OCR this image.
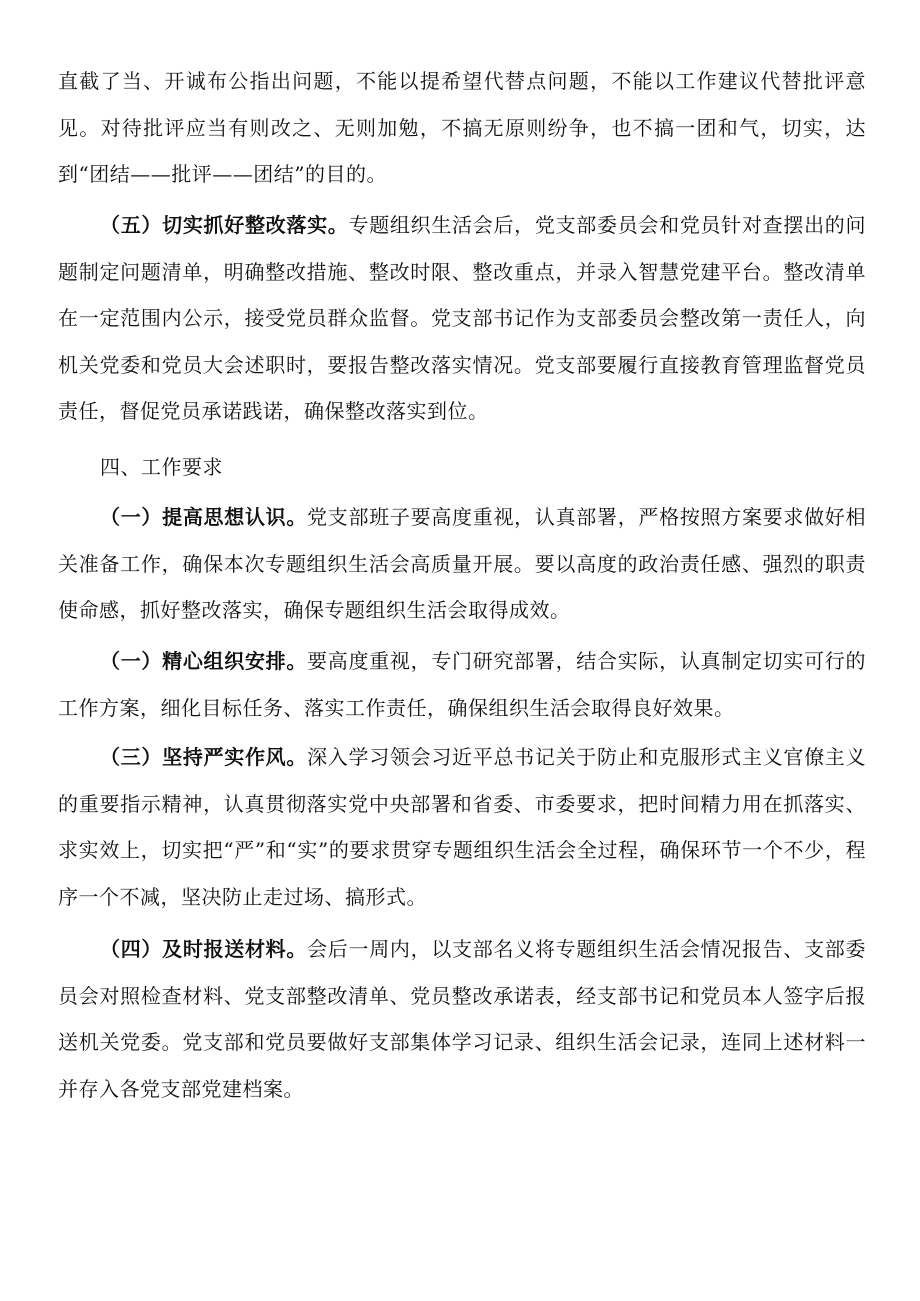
直截了当、开诚布公指出问题，不能以提希望代替点问题，不能以工作建议代替批评意见。对待批评应当有则改之、无则加勉，不搞无原则纷争，也不搞一团和气，切实，达到“团结——批评——团结”的目的。

（五）切实抓好整改落实。专题组织生活会后，党支部委员会和党员针对查摆出的问题制定问题清单，明确整改措施、整改时限、整改重点，并录入智慧党建平台。整改清单在一定范围内公示，接受党员群众监督。党支部书记作为支部委员会整改第一责任人，向机关党委和党员大会述职时，要报告整改落实情况。党支部要履行直接教育管理监督党员责任，督促党员承诺践诺，确保整改落实到位。

四、工作要求

（一）提高思想认识。党支部班子要高度重视，认真部署，严格按照方案要求做好相关准备工作，确保本次专题组织生活会高质量开展。要以高度的政治责任感、强烈的职责使命感，抓好整改落实，确保专题组织生活会取得成效。

（一）精心组织安排。要高度重视，专门研究部署，结合实际，认真制定切实可行的工作方案，细化目标任务、落实工作责任，确保组织生活会取得良好效果。

（三）坚持严实作风。深入学习领会习近平总书记关于防止和克服形式主义官僚主义的重要指示精神，认真贯彻落实党中央部署和省委、市委要求，把时间精力用在抓落实、求实效上，切实把“严”和“实”的要求贯穿专题组织生活会全过程，确保环节一个不少，程序一个不减，坚决防止走过场、搞形式。

（四）及时报送材料。会后一周内，以支部名义将专题组织生活会情况报告、支部委员会对照检查材料、党支部整改清单、党员整改承诺表，经支部书记和党员本人签字后报送机关党委。党支部和党员要做好支部集体学习记录、组织生活会记录，连同上述材料一并存入各党支部党建档案。
